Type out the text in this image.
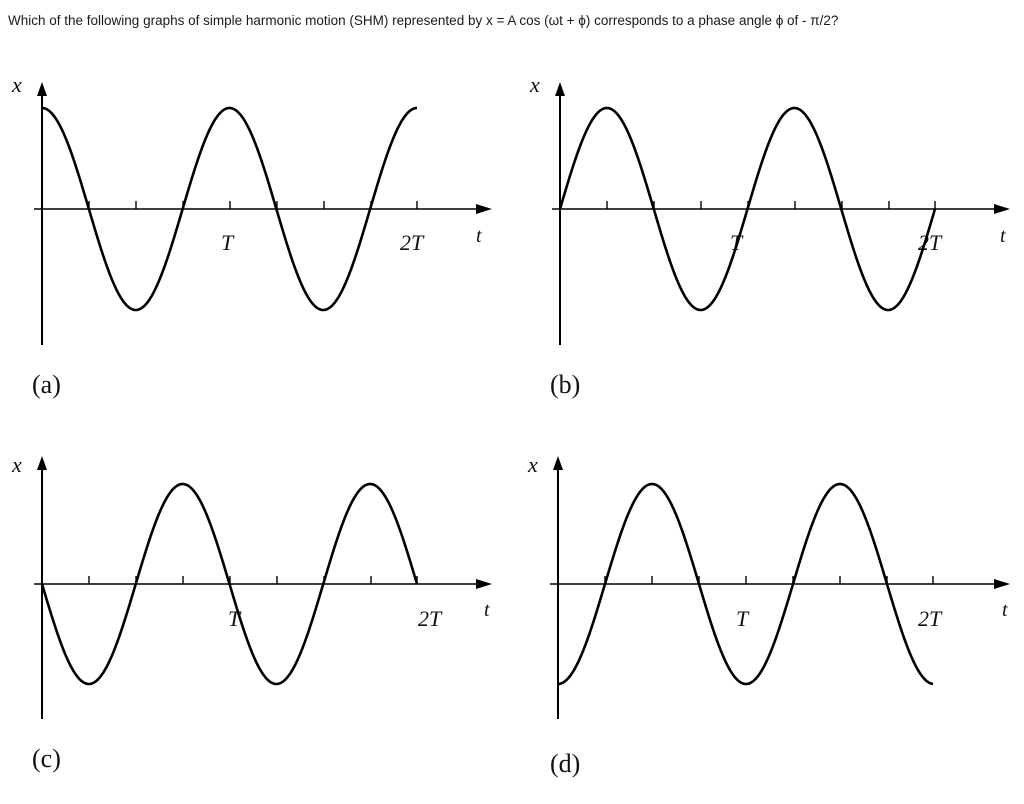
Which of the following graphs of simple harmonic motion (SHM) represented by x = A cos (ωt + ϕ) corresponds to a phase angle ϕ of - π/2?
x
t
T	2T
(a)
x
t
T	2T
(b)
x
t
T	2T
(c)
x
t
T	2T
(d)
